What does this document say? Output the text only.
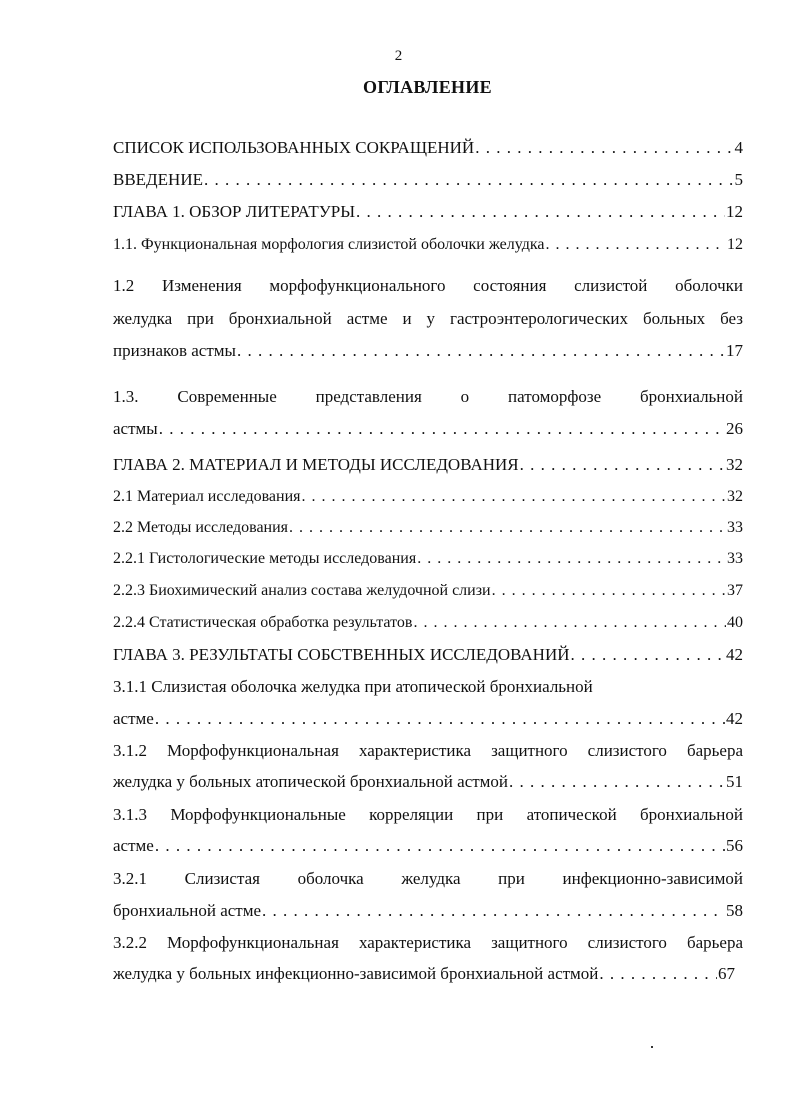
2
ОГЛАВЛЕНИЕ
СПИСОК ИСПОЛЬЗОВАННЫХ СОКРАЩЕНИЙ . . .	4
ВВЕДЕНИЕ . . .	5
ГЛАВА 1. ОБЗОР ЛИТЕРАТУРЫ . . .	12
1.1. Функциональная морфология слизистой оболочки желудка . . .	12
1.2 Изменения морфофункционального состояния слизистой оболочки
желудка при бронхиальной астме и у гастроэнтерологических больных без
признаков астмы . . .	17
1.3. Современные представления о патоморфозе бронхиальной
астмы . . .	26
ГЛАВА 2. МАТЕРИАЛ И МЕТОДЫ ИССЛЕДОВАНИЯ . . .	32
2.1 Материал исследования . . .	32
2.2 Методы исследования . . .	33
2.2.1 Гистологические методы исследования . . .	33
2.2.3 Биохимический анализ состава желудочной слизи . . .	37
2.2.4 Статистическая обработка результатов . . .	40
ГЛАВА 3. РЕЗУЛЬТАТЫ СОБСТВЕННЫХ ИССЛЕДОВАНИЙ . . .	42
3.1.1 Слизистая оболочка желудка при атопической бронхиальной
астме . . .	42
3.1.2 Морфофункциональная характеристика защитного слизистого барьера
желудка у больных атопической бронхиальной астмой . . .	51
3.1.3 Морфофункциональные корреляции при атопической бронхиальной
астме . . .	56
3.2.1 Слизистая оболочка желудка при инфекционно-зависимой
бронхиальной астме . . .	58
3.2.2 Морфофункциональная характеристика защитного слизистого барьера
желудка у больных инфекционно-зависимой бронхиальной астмой . . .	67
